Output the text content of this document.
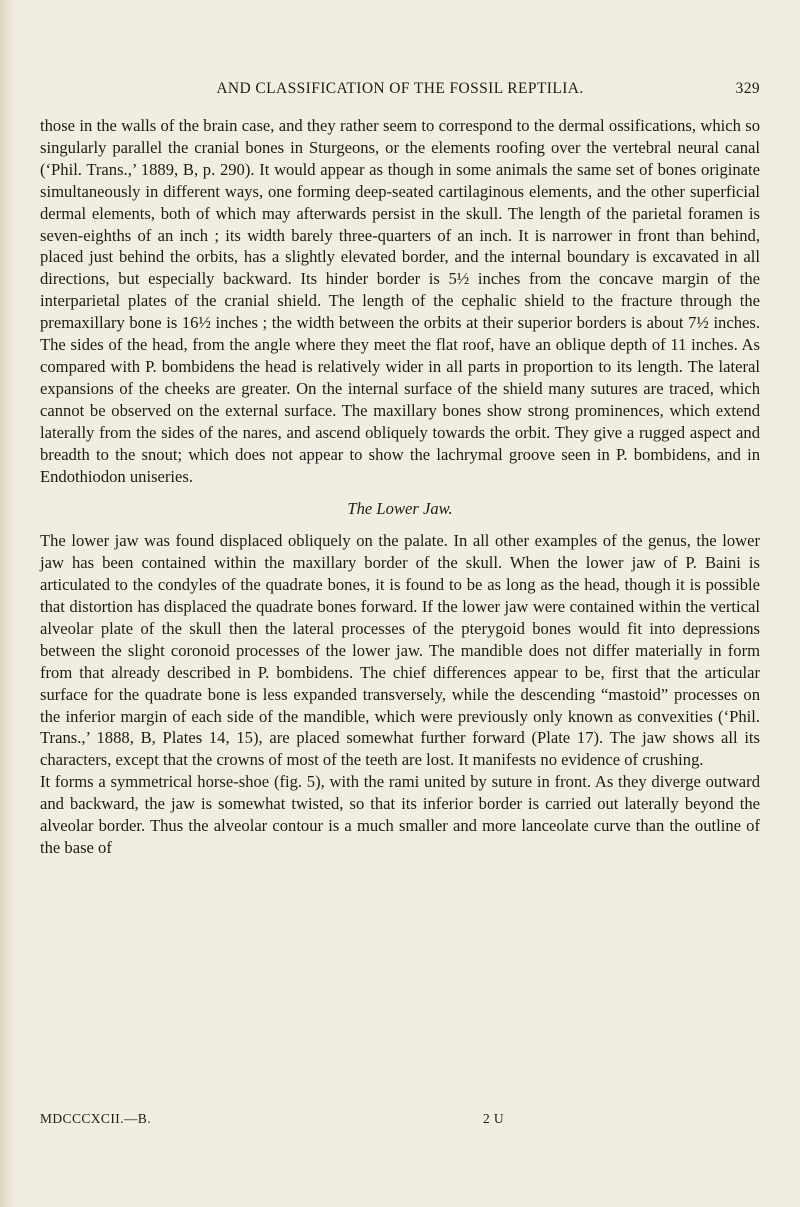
AND CLASSIFICATION OF THE FOSSIL REPTILIA.	329

those in the walls of the brain case, and they rather seem to correspond to the dermal ossifications, which so singularly parallel the cranial bones in Sturgeons, or the elements roofing over the vertebral neural canal (‘Phil. Trans.,’ 1889, B, p. 290). It would appear as though in some animals the same set of bones originate simultaneously in different ways, one forming deep-seated cartilaginous elements, and the other superficial dermal elements, both of which may afterwards persist in the skull. The length of the parietal foramen is seven-eighths of an inch ; its width barely three-quarters of an inch. It is narrower in front than behind, placed just behind the orbits, has a slightly elevated border, and the internal boundary is excavated in all directions, but especially backward. Its hinder border is 5½ inches from the concave margin of the interparietal plates of the cranial shield. The length of the cephalic shield to the fracture through the premaxillary bone is 16½ inches ; the width between the orbits at their superior borders is about 7½ inches. The sides of the head, from the angle where they meet the flat roof, have an oblique depth of 11 inches. As compared with P. bombidens the head is relatively wider in all parts in proportion to its length. The lateral expansions of the cheeks are greater. On the internal surface of the shield many sutures are traced, which cannot be observed on the external surface. The maxillary bones show strong prominences, which extend laterally from the sides of the nares, and ascend obliquely towards the orbit. They give a rugged aspect and breadth to the snout; which does not appear to show the lachrymal groove seen in P. bombidens, and in Endothiodon uniseries.

The Lower Jaw.

The lower jaw was found displaced obliquely on the palate. In all other examples of the genus, the lower jaw has been contained within the maxillary border of the skull. When the lower jaw of P. Baini is articulated to the condyles of the quadrate bones, it is found to be as long as the head, though it is possible that distortion has displaced the quadrate bones forward. If the lower jaw were contained within the vertical alveolar plate of the skull then the lateral processes of the pterygoid bones would fit into depressions between the slight coronoid processes of the lower jaw. The mandible does not differ materially in form from that already described in P. bombidens. The chief differences appear to be, first that the articular surface for the quadrate bone is less expanded transversely, while the descending “mastoid” processes on the inferior margin of each side of the mandible, which were previously only known as convexities (‘Phil. Trans.,’ 1888, B, Plates 14, 15), are placed somewhat further forward (Plate 17). The jaw shows all its characters, except that the crowns of most of the teeth are lost. It manifests no evidence of crushing.

It forms a symmetrical horse-shoe (fig. 5), with the rami united by suture in front. As they diverge outward and backward, the jaw is somewhat twisted, so that its inferior border is carried out laterally beyond the alveolar border. Thus the alveolar contour is a much smaller and more lanceolate curve than the outline of the base of

MDCCCXCII.—B.	2 U
